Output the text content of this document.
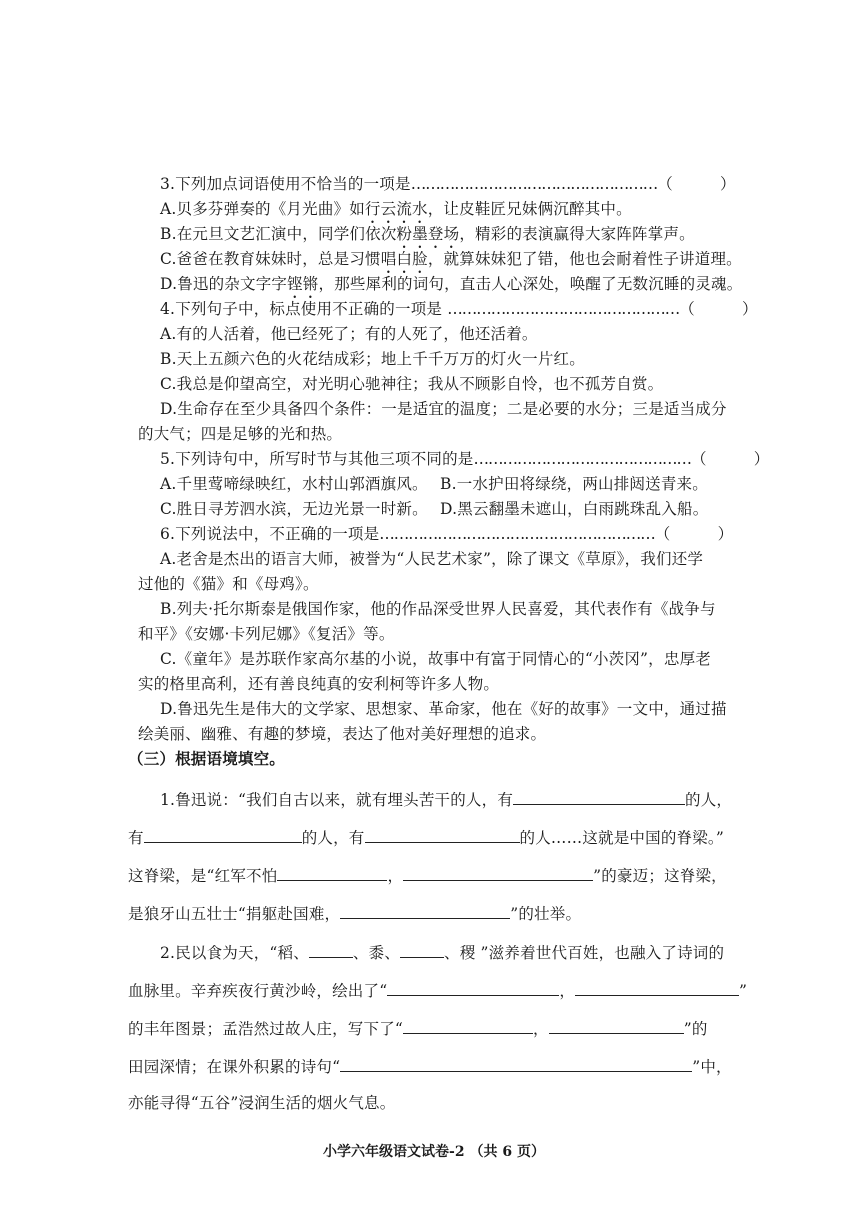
3.下列加点词语使用不恰当的一项是……………………………………………（　　　）
A.贝多芬弹奏的《月光曲》如行云流水，让皮鞋匠兄妹俩沉醉其中。
B.在元旦文艺汇演中，同学们依次粉墨登场，精彩的表演赢得大家阵阵掌声。
C.爸爸在教育妹妹时，总是习惯唱白脸，就算妹妹犯了错，他也会耐着性子讲道理。
D.鲁迅的杂文字字铿锵，那些犀利的词句，直击人心深处，唤醒了无数沉睡的灵魂。
4.下列句子中，标点使用不正确的一项是 …………………………………………（　　　）
A.有的人活着，他已经死了；有的人死了，他还活着。
B.天上五颜六色的火花结成彩；地上千千万万的灯火一片红。
C.我总是仰望高空，对光明心驰神往；我从不顾影自怜，也不孤芳自赏。
D.生命存在至少具备四个条件：一是适宜的温度；二是必要的水分；三是适当成分
的大气；四是足够的光和热。
5.下列诗句中，所写时节与其他三项不同的是………………………………………（　　　）
A.千里莺啼绿映红，水村山郭酒旗风。 B.一水护田将绿绕，两山排闼送青来。
C.胜日寻芳泗水滨，无边光景一时新。 D.黑云翻墨未遮山，白雨跳珠乱入船。
6.下列说法中，不正确的一项是…………………………………………………（　　　）
A.老舍是杰出的语言大师，被誉为“人民艺术家”，除了课文《草原》，我们还学
过他的《猫》和《母鸡》。
B.列夫·托尔斯泰是俄国作家，他的作品深受世界人民喜爱，其代表作有《战争与
和平》《安娜·卡列尼娜》《复活》等。
C.《童年》是苏联作家高尔基的小说，故事中有富于同情心的“小茨冈”，忠厚老
实的格里高利，还有善良纯真的安利柯等许多人物。
D.鲁迅先生是伟大的文学家、思想家、革命家，他在《好的故事》一文中，通过描
绘美丽、幽雅、有趣的梦境，表达了他对美好理想的追求。
（三）根据语境填空。
1.鲁迅说：“我们自古以来，就有埋头苦干的人，有	的人，
有	的人，有	的人……这就是中国的脊梁。”
这脊梁，是“红军不怕	，	”的豪迈；这脊梁，
是狼牙山五壮士“捐躯赴国难，	”的壮举。
2.民以食为天，“稻、	、黍、	、稷 ”滋养着世代百姓，也融入了诗词的
血脉里。辛弃疾夜行黄沙岭，绘出了“	，	”
的丰年图景；孟浩然过故人庄，写下了“	，	”的
田园深情；在课外积累的诗句“	”中，
亦能寻得“五谷”浸润生活的烟火气息。
小学六年级语文试卷-2 （共 6 页）
